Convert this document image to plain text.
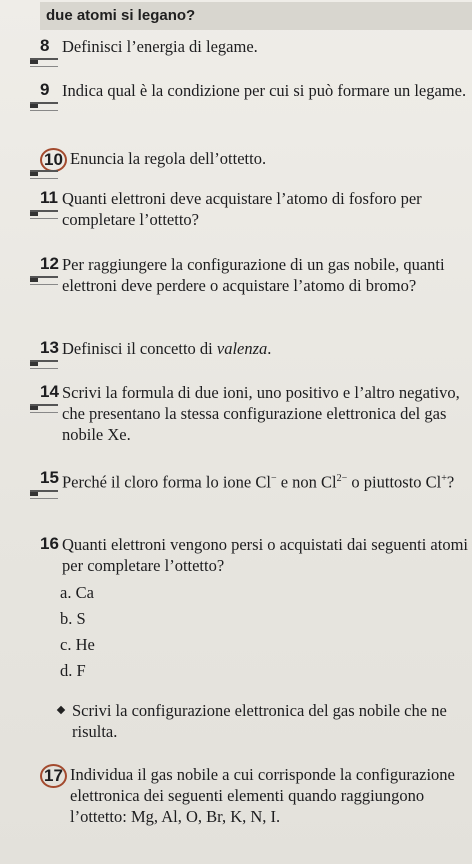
due atomi si legano?
8 Definisci l’energia di legame.
9 Indica qual è la condizione per cui si può formare un legame.
10 Enuncia la regola dell’ottetto.
11 Quanti elettroni deve acquistare l’atomo di fosforo per completare l’ottetto?
12 Per raggiungere la configurazione di un gas nobile, quanti elettroni deve perdere o acquistare l’atomo di bromo?
13 Definisci il concetto di valenza.
14 Scrivi la formula di due ioni, uno positivo e l’altro negativo, che presentano la stessa configurazione elettronica del gas nobile Xe.
15 Perché il cloro forma lo ione Cl− e non $Cl^{2-}$ o piuttosto Cl+?
16 Quanti elettroni vengono persi o acquistati dai seguenti atomi per completare l’ottetto?
a. Ca
b. S
c. He
d. F
Scrivi la configurazione elettronica del gas nobile che ne risulta.
17 Individua il gas nobile a cui corrisponde la configurazione elettronica dei seguenti elementi quando raggiungono l’ottetto: Mg, Al, O, Br, K, N, I.
